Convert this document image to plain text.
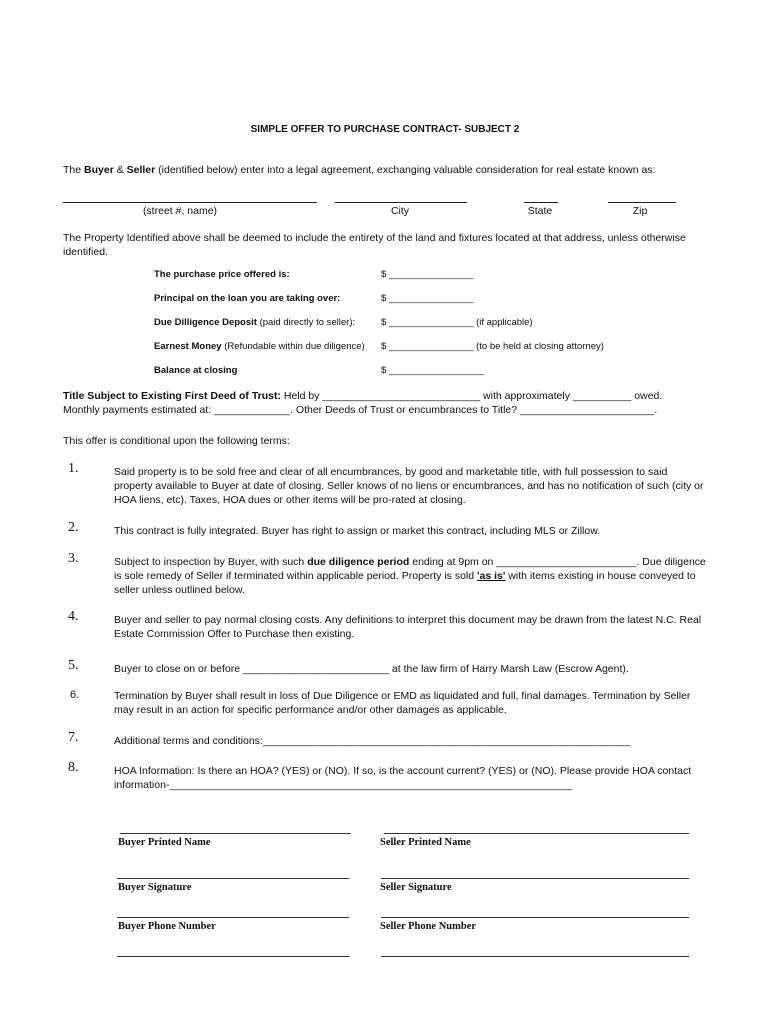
SIMPLE OFFER TO PURCHASE CONTRACT- SUBJECT 2
The Buyer & Seller (identified below) enter into a legal agreement, exchanging valuable consideration for real estate known as:
(street #, name)	City	State	Zip
The Property Identified above shall be deemed to include the entirety of the land and fixtures located at that address, unless otherwise identified.
The purchase price offered is:	$ ________________
Principal on the loan you are taking over:	$ ________________
Due Dilligence Deposit (paid directly to seller):	$ ________________ (if applicable)
Earnest Money (Refundable within due diligence) $ ________________ (to be held at closing attorney)
Balance at closing	$ __________________
Title Subject to Existing First Deed of Trust: Held by ___________________________ with approximately __________ owed.
Monthly payments estimated at: _____________. Other Deeds of Trust or encumbrances to Title? _______________________.
This offer is conditional upon the following terms:
1.	Said property is to be sold free and clear of all encumbrances, by good and marketable title, with full possession to said property available to Buyer at date of closing. Seller knows of no liens or encumbrances, and has no notification of such (city or HOA liens, etc). Taxes, HOA dues or other items will be pro-rated at closing.
2.	This contract is fully integrated. Buyer has right to assign or market this contract, including MLS or Zillow.
3.	Subject to inspection by Buyer, with such due diligence period ending at 9pm on ________________________. Due diligence is sole remedy of Seller if terminated within applicable period. Property is sold 'as is' with items existing in house conveyed to seller unless outlined below.
4.	Buyer and seller to pay normal closing costs. Any definitions to interpret this document may be drawn from the latest N.C. Real Estate Commission Offer to Purchase then existing.
5.	Buyer to close on or before _________________________ at the law firm of Harry Marsh Law (Escrow Agent).
6.	Termination by Buyer shall result in loss of Due Diligence or EMD as liquidated and full, final damages. Termination by Seller may result in an action for specific performance and/or other damages as applicable.
7.	Additional terms and conditions:_______________________________________________________________
8.	HOA Information: Is there an HOA? (YES) or (NO). If so, is the account current? (YES) or (NO). Please provide HOA contact information-_____________________________________________________________________
Buyer Printed Name	Seller Printed Name
Buyer Signature	Seller Signature
Buyer Phone Number	Seller Phone Number
